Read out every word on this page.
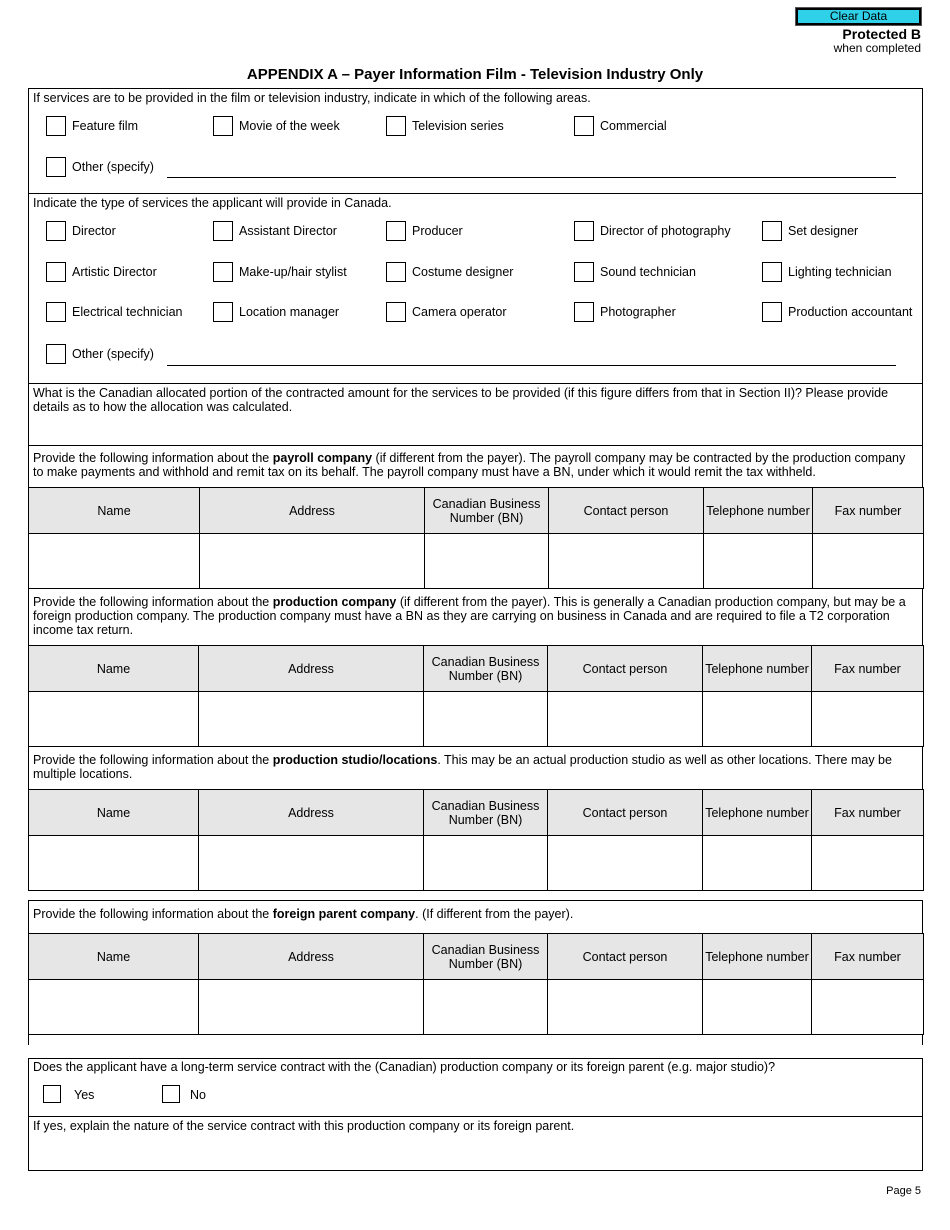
Clear Data
Protected B
when completed
APPENDIX A – Payer Information Film - Television Industry Only
If services are to be provided in the film or television industry, indicate in which of the following areas.
Feature film	Movie of the week	Television series	Commercial
Other (specify)
Indicate the type of services the applicant will provide in Canada.
Director	Assistant Director	Producer	Director of photography	Set designer
Artistic Director	Make-up/hair stylist	Costume designer	Sound technician	Lighting technician
Electrical technician	Location manager	Camera operator	Photographer	Production accountant
Other (specify)
What is the Canadian allocated portion of the contracted amount for the services to be provided (if this figure differs from that in Section II)? Please provide details as to how the allocation was calculated.
Provide the following information about the payroll company (if different from the payer). The payroll company may be contracted by the production company to make payments and withhold and remit tax on its behalf. The payroll company must have a BN, under which it would remit the tax withheld.
Name	Address	Canadian Business Number (BN)	Contact person	Telephone number	Fax number

Provide the following information about the production company (if different from the payer). This is generally a Canadian production company, but may be a foreign production company. The production company must have a BN as they are carrying on business in Canada and are required to file a T2 corporation income tax return.
Name	Address	Canadian Business Number (BN)	Contact person	Telephone number	Fax number

Provide the following information about the production studio/locations. This may be an actual production studio as well as other locations. There may be multiple locations.
Name	Address	Canadian Business Number (BN)	Contact person	Telephone number	Fax number

Provide the following information about the foreign parent company. (If different from the payer).
Name	Address	Canadian Business Number (BN)	Contact person	Telephone number	Fax number

Does the applicant have a long-term service contract with the (Canadian) production company or its foreign parent (e.g. major studio)?
Yes	No
If yes, explain the nature of the service contract with this production company or its foreign parent.
Page 5
